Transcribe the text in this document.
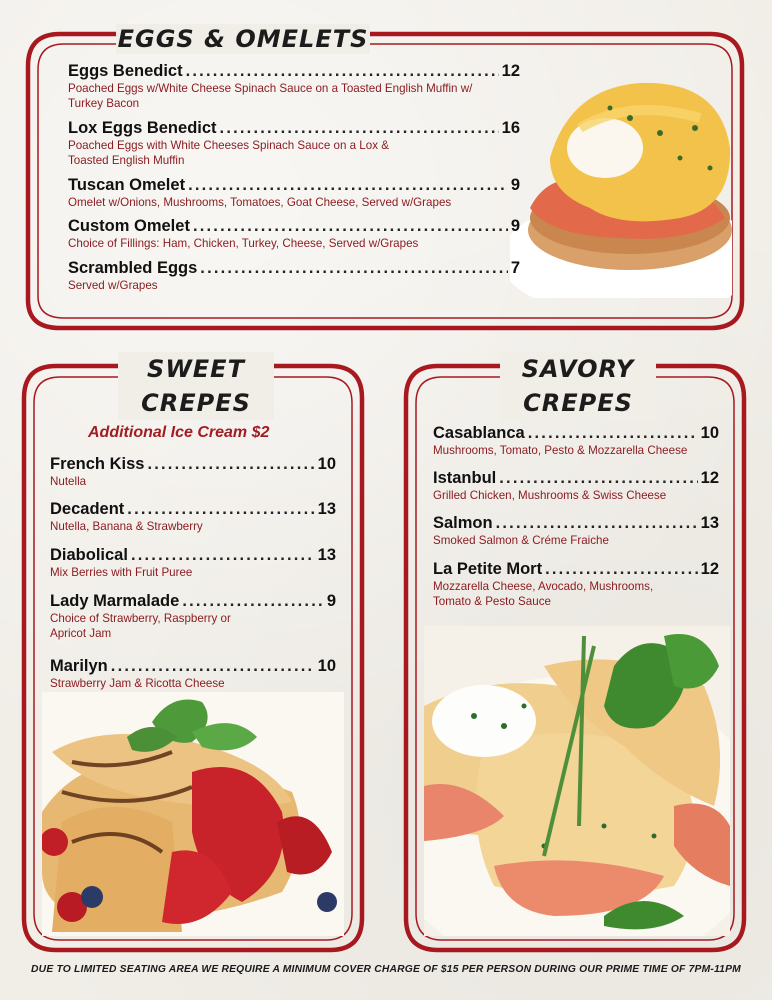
EGGS & OMELETS
Eggs Benedict .....	12
Poached Eggs w/White Cheese Spinach Sauce on a Toasted English Muffin w/ Turkey Bacon
Lox Eggs Benedict .....	16
Poached Eggs with White Cheeses Spinach Sauce on a Lox & Toasted English Muffin
Tuscan Omelet .....	9
Omelet w/Onions, Mushrooms, Tomatoes, Goat Cheese, Served w/Grapes
Custom Omelet .....	9
Choice of Fillings: Ham, Chicken, Turkey, Cheese, Served w/Grapes
Scrambled Eggs .....	7
Served w/Grapes
SWEET
CREPES
Additional Ice Cream $2
French Kiss .....	10
Nutella
Decadent .....	13
Nutella, Banana & Strawberry
Diabolical .....	13
Mix Berries with Fruit Puree
Lady Marmalade .....	9
Choice of Strawberry, Raspberry or Apricot Jam
Marilyn .....	10
Strawberry Jam & Ricotta Cheese
SAVORY
CREPES
Casablanca .....	10
Mushrooms, Tomato, Pesto & Mozzarella Cheese
Istanbul .....	12
Grilled Chicken, Mushrooms & Swiss Cheese
Salmon .....	13
Smoked Salmon & Créme Fraiche
La Petite Mort .....	12
Mozzarella Cheese, Avocado, Mushrooms, Tomato & Pesto Sauce
DUE TO LIMITED SEATING AREA WE REQUIRE A MINIMUM COVER CHARGE OF $15 PER PERSON DURING OUR PRIME TIME OF 7PM-11PM
